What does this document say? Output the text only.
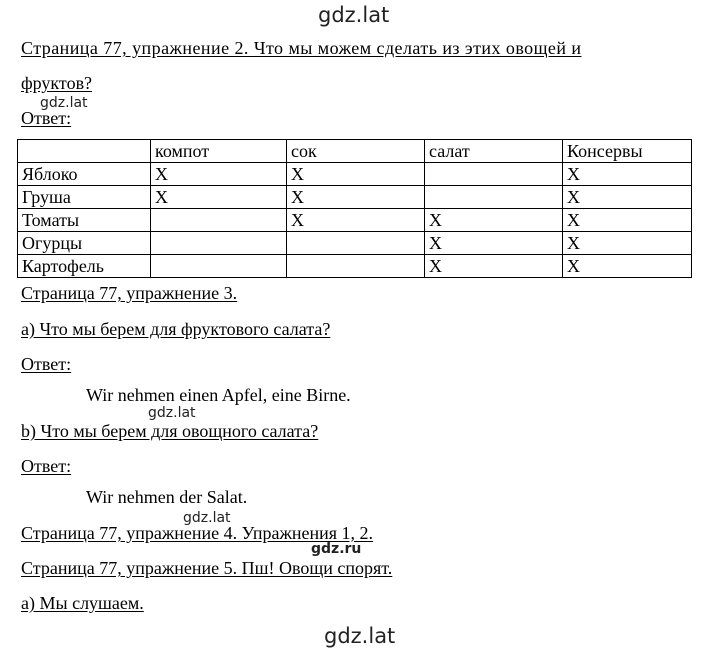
gdz.lat
Страница 77, упражнение 2. Что мы можем сделать из этих овощей и
фруктов?
gdz.lat
Ответ:
	компот	сок	салат	Консервы
Яблоко	X	X		X
Груша	X	X		X
Томаты		X	X	X
Огурцы			X	X
Картофель			X	X
Страница 77, упражнение 3.
a) Что мы берем для фруктового салата?
Ответ:
Wir nehmen einen Apfel, eine Birne.
gdz.lat
b) Что мы берем для овощного салата?
Ответ:
Wir nehmen der Salat.
gdz.lat
Страница 77, упражнение 4. Упражнения 1, 2.
gdz.ru
Страница 77, упражнение 5. Пш! Овощи спорят.
a) Мы слушаем.
gdz.lat
